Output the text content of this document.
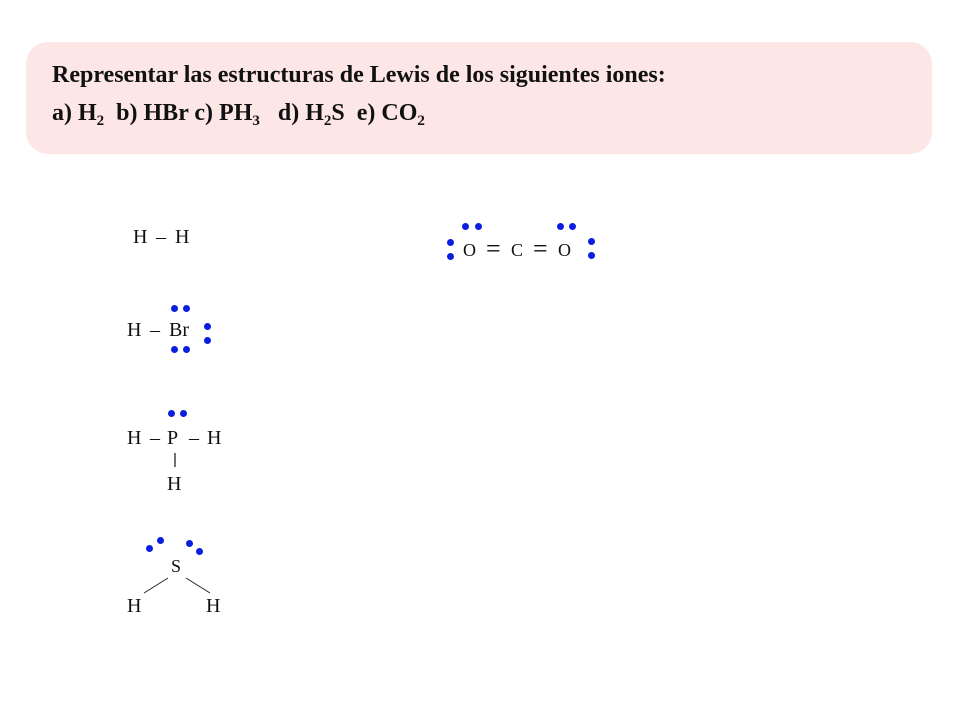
Representar las estructuras de Lewis de los siguientes iones:
a) $H_2$ b) HBr c) $PH_3$ d) $H_2S$ e) $CO_2$
H – H
H – Br
H – P – H
H
S
H	H
O = C = O
